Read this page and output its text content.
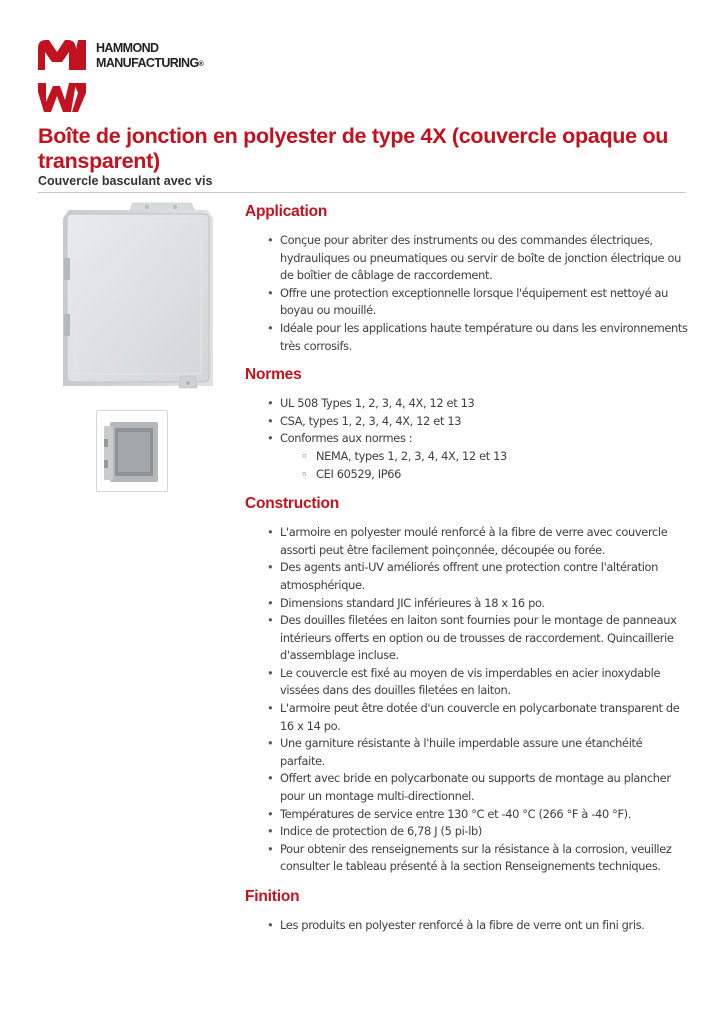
HAMMOND
MANUFACTURING®
Boîte de jonction en polyester de type 4X (couvercle opaque ou transparent)

Couvercle basculant avec vis

Application
• Conçue pour abriter des instruments ou des commandes électriques, hydrauliques ou pneumatiques ou servir de boîte de jonction électrique ou de boîtier de câblage de raccordement.
• Offre une protection exceptionnelle lorsque l'équipement est nettoyé au boyau ou mouillé.
• Idéale pour les applications haute température ou dans les environnements très corrosifs.
Normes
• UL 508 Types 1, 2, 3, 4, 4X, 12 et 13
• CSA, types 1, 2, 3, 4, 4X, 12 et 13
• Conformes aux normes :
◦ NEMA, types 1, 2, 3, 4, 4X, 12 et 13
◦ CEI 60529, IP66
Construction
• L'armoire en polyester moulé renforcé à la fibre de verre avec couvercle assorti peut être facilement poinçonnée, découpée ou forée.
• Des agents anti-UV améliorés offrent une protection contre l'altération atmosphérique.
• Dimensions standard JIC inférieures à 18 x 16 po.
• Des douilles filetées en laiton sont fournies pour le montage de panneaux intérieurs offerts en option ou de trousses de raccordement. Quincaillerie d'assemblage incluse.
• Le couvercle est fixé au moyen de vis imperdables en acier inoxydable vissées dans des douilles filetées en laiton.
• L'armoire peut être dotée d'un couvercle en polycarbonate transparent de 16 x 14 po.
• Une garniture résistante à l'huile imperdable assure une étanchéité parfaite.
• Offert avec bride en polycarbonate ou supports de montage au plancher pour un montage multi-directionnel.
• Températures de service entre 130 °C et -40 °C (266 °F à -40 °F).
• Indice de protection de 6,78 J (5 pi-lb)
• Pour obtenir des renseignements sur la résistance à la corrosion, veuillez consulter le tableau présenté à la section Renseignements techniques.
Finition
• Les produits en polyester renforcé à la fibre de verre ont un fini gris.
